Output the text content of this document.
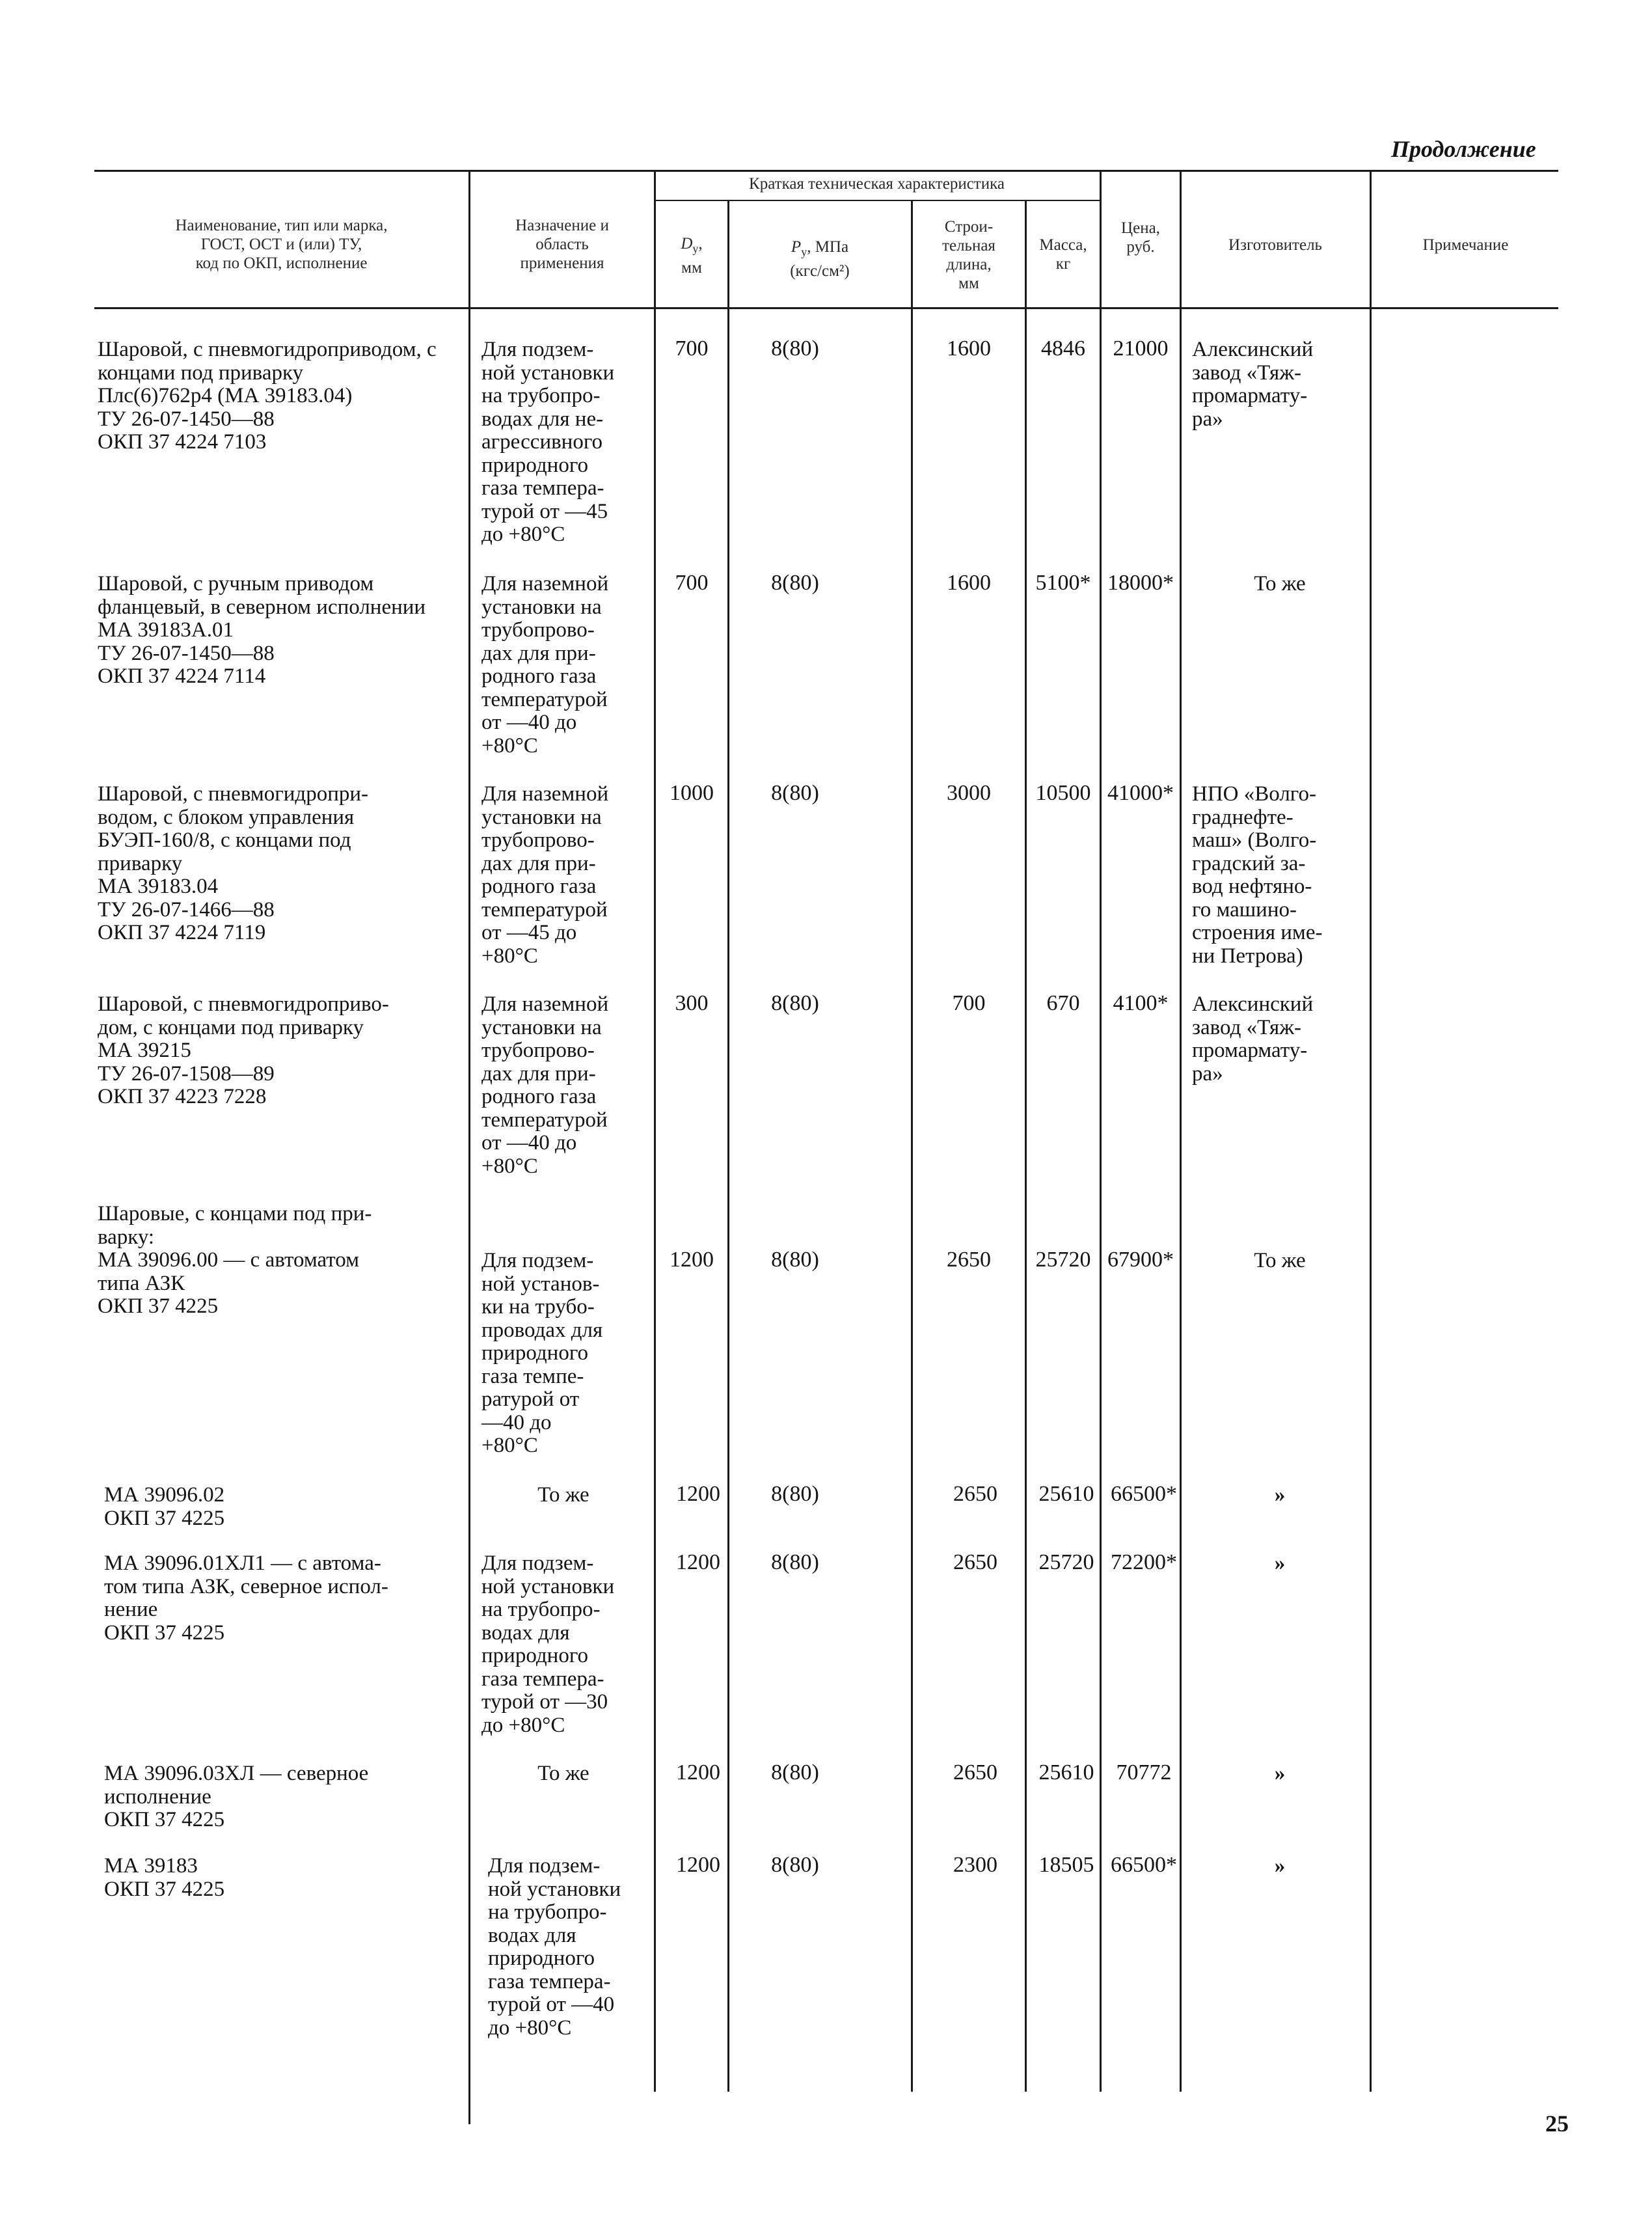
Продолжение
Наименование, тип или марка,
ГОСТ, ОСТ и (или) ТУ,
код по ОКП, исполнение
Назначение и
область
применения
Краткая техническая характеристика
$D_у$,
мм
$P_у$, МПа
(кгс/см²)
Строи-
тельная
длина,
мм
Масса,
кг
Цена,
руб.	Изготовитель	Примечание
Шаровой, с пневмогидроприводом, с концами под приварку
Плс(6)762р4 (МА 39183.04)
ТУ 26-07-1450—88
ОКП 37 4224 7103
Для подзем-
ной установки
на трубопро-
водах для не-
агрессивного
природного
газа темпера-
турой от —45
до +80°С
700	8(80)	1600	4846	21000	Алексинский
завод «Тяж-
промармату-
ра»
Шаровой, с ручным приводом
фланцевый, в северном исполнении
МА 39183А.01
ТУ 26-07-1450—88
ОКП 37 4224 7114
Для наземной
установки на
трубопрово-
дах для при-
родного газа
температурой
от —40 до
+80°С
700	8(80)	1600	5100* 18000*	То же
Шаровой, с пневмогидропри-
водом, с блоком управления
БУЭП-160/8, с концами под
приварку
МА 39183.04
ТУ 26-07-1466—88
ОКП 37 4224 7119
Для наземной
установки на
трубопрово-
дах для при-
родного газа
температурой
от —45 до
+80°С
1000	8(80)	3000	10500 41000* НПО «Волго-
граднефте-
маш» (Волго-
градский за-
вод нефтяно-
го машино-
строения име-
ни Петрова)
Шаровой, с пневмогидроприво-
дом, с концами под приварку
МА 39215
ТУ 26-07-1508—89
ОКП 37 4223 7228
Для наземной
установки на
трубопрово-
дах для при-
родного газа
температурой
от —40 до
+80°С
300	8(80)	700	670	4100*	Алексинский
завод «Тяж-
промармату-
ра»
Шаровые, с концами под при-
варку:
МА 39096.00 — с автоматом
типа АЗК
ОКП 37 4225
Для подзем-
ной установ-
ки на трубо-
проводах для
природного
газа темпе-
ратурой от
—40 до
+80°С
1200	8(80)	2650	25720 67900*	То же
МА 39096.02
ОКП 37 4225
То же	1200	8(80)	2650	25610 66500*	»
МА 39096.01ХЛ1 — с автома-
том типа АЗК, северное испол-
нение
ОКП 37 4225
Для подзем-
ной установки
на трубопро-
водах для
природного
газа темпера-
турой от —30
до +80°С
1200	8(80)	2650	25720 72200*	»
МА 39096.03ХЛ — северное
исполнение
ОКП 37 4225
То же	1200	8(80)	2650	25610	70772	»
МА 39183
ОКП 37 4225
Для подзем-
ной установки
на трубопро-
водах для
природного
газа темпера-
турой от —40
до +80°С
1200	8(80)	2300	18505 66500*	»
25
